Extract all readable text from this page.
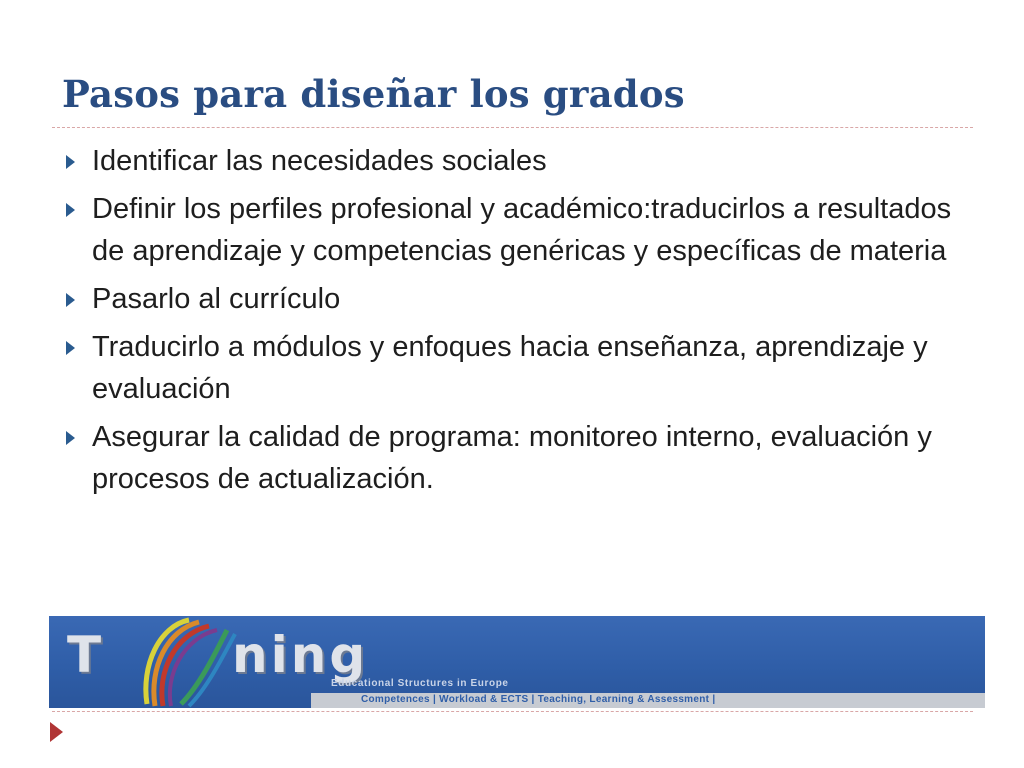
Pasos para diseñar los grados
Identificar las necesidades sociales
Definir los perfiles profesional y académico:traducirlos a resultados de aprendizaje y competencias genéricas y específicas de materia
Pasarlo al currículo
Traducirlo a módulos y enfoques hacia enseñanza, aprendizaje y evaluación
Asegurar la calidad de programa: monitoreo interno, evaluación y procesos de actualización.
T	ning
Educational Structures in Europe
Competences | Workload & ECTS | Teaching, Learning & Assessment |
